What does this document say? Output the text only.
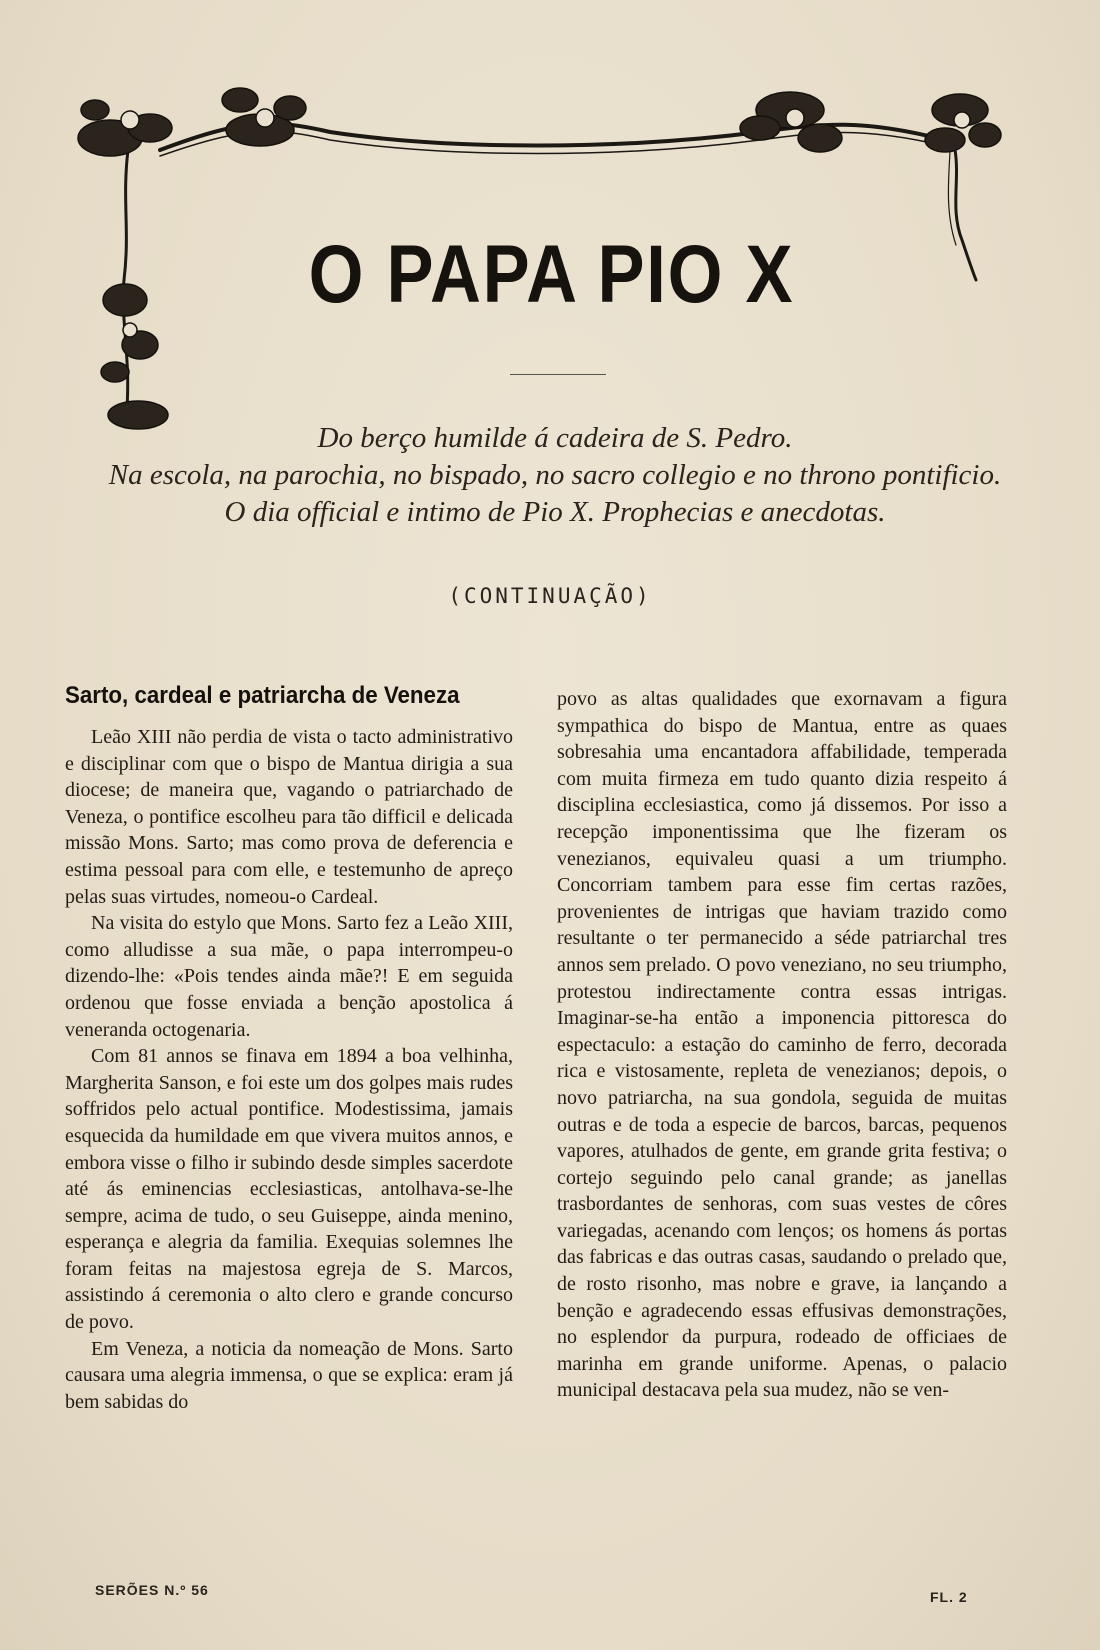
O PAPA PIO X
Do berço humilde á cadeira de S. Pedro.
Na escola, na parochia, no bispado, no sacro collegio e no throno pontificio.
O dia official e intimo de Pio X. Prophecias e anecdotas.
(CONTINUAÇÃO)
Sarto, cardeal e patriarcha de Veneza

Leão XIII não perdia de vista o tacto administrativo e disciplinar com que o bispo de Mantua dirigia a sua diocese; de maneira que, vagando o patriarchado de Veneza, o pontifice escolheu para tão difficil e delicada missão Mons. Sarto; mas como prova de deferencia e estima pessoal para com elle, e testemunho de apreço pelas suas virtudes, nomeou-o Cardeal.

Na visita do estylo que Mons. Sarto fez a Leão XIII, como alludisse a sua mãe, o papa interrompeu-o dizendo-lhe: «Pois tendes ainda mãe?! E em seguida ordenou que fosse enviada a benção apostolica á veneranda octogenaria.

Com 81 annos se finava em 1894 a boa velhinha, Margherita Sanson, e foi este um dos golpes mais rudes soffridos pelo actual pontifice. Modestissima, jamais esquecida da humildade em que vivera muitos annos, e embora visse o filho ir subindo desde simples sacerdote até ás eminencias ecclesiasticas, antolhava-se-lhe sempre, acima de tudo, o seu Guiseppe, ainda menino, esperança e alegria da familia. Exequias solemnes lhe foram feitas na majestosa egreja de S. Marcos, assistindo á ceremonia o alto clero e grande concurso de povo.

Em Veneza, a noticia da nomeação de Mons. Sarto causara uma alegria immensa, o que se explica: eram já bem sabidas do

povo as altas qualidades que exornavam a figura sympathica do bispo de Mantua, entre as quaes sobresahia uma encantadora affabilidade, temperada com muita firmeza em tudo quanto dizia respeito á disciplina ecclesiastica, como já dissemos. Por isso a recepção imponentissima que lhe fizeram os venezianos, equivaleu quasi a um triumpho. Concorriam tambem para esse fim certas razões, provenientes de intrigas que haviam trazido como resultante o ter permanecido a séde patriarchal tres annos sem prelado. O povo veneziano, no seu triumpho, protestou indirectamente contra essas intrigas. Imaginar-se-ha então a imponencia pittoresca do espectaculo: a estação do caminho de ferro, decorada rica e vistosamente, repleta de venezianos; depois, o novo patriarcha, na sua gondola, seguida de muitas outras e de toda a especie de barcos, barcas, pequenos vapores, atulhados de gente, em grande grita festiva; o cortejo seguindo pelo canal grande; as janellas trasbordantes de senhoras, com suas vestes de côres variegadas, acenando com lenços; os homens ás portas das fabricas e das outras casas, saudando o prelado que, de rosto risonho, mas nobre e grave, ia lançando a benção e agradecendo essas effusivas demonstrações, no esplendor da purpura, rodeado de officiaes de marinha em grande uniforme. Apenas, o palacio municipal destacava pela sua mudez, não se ven-

SERÕES N.º 56	FL. 2
